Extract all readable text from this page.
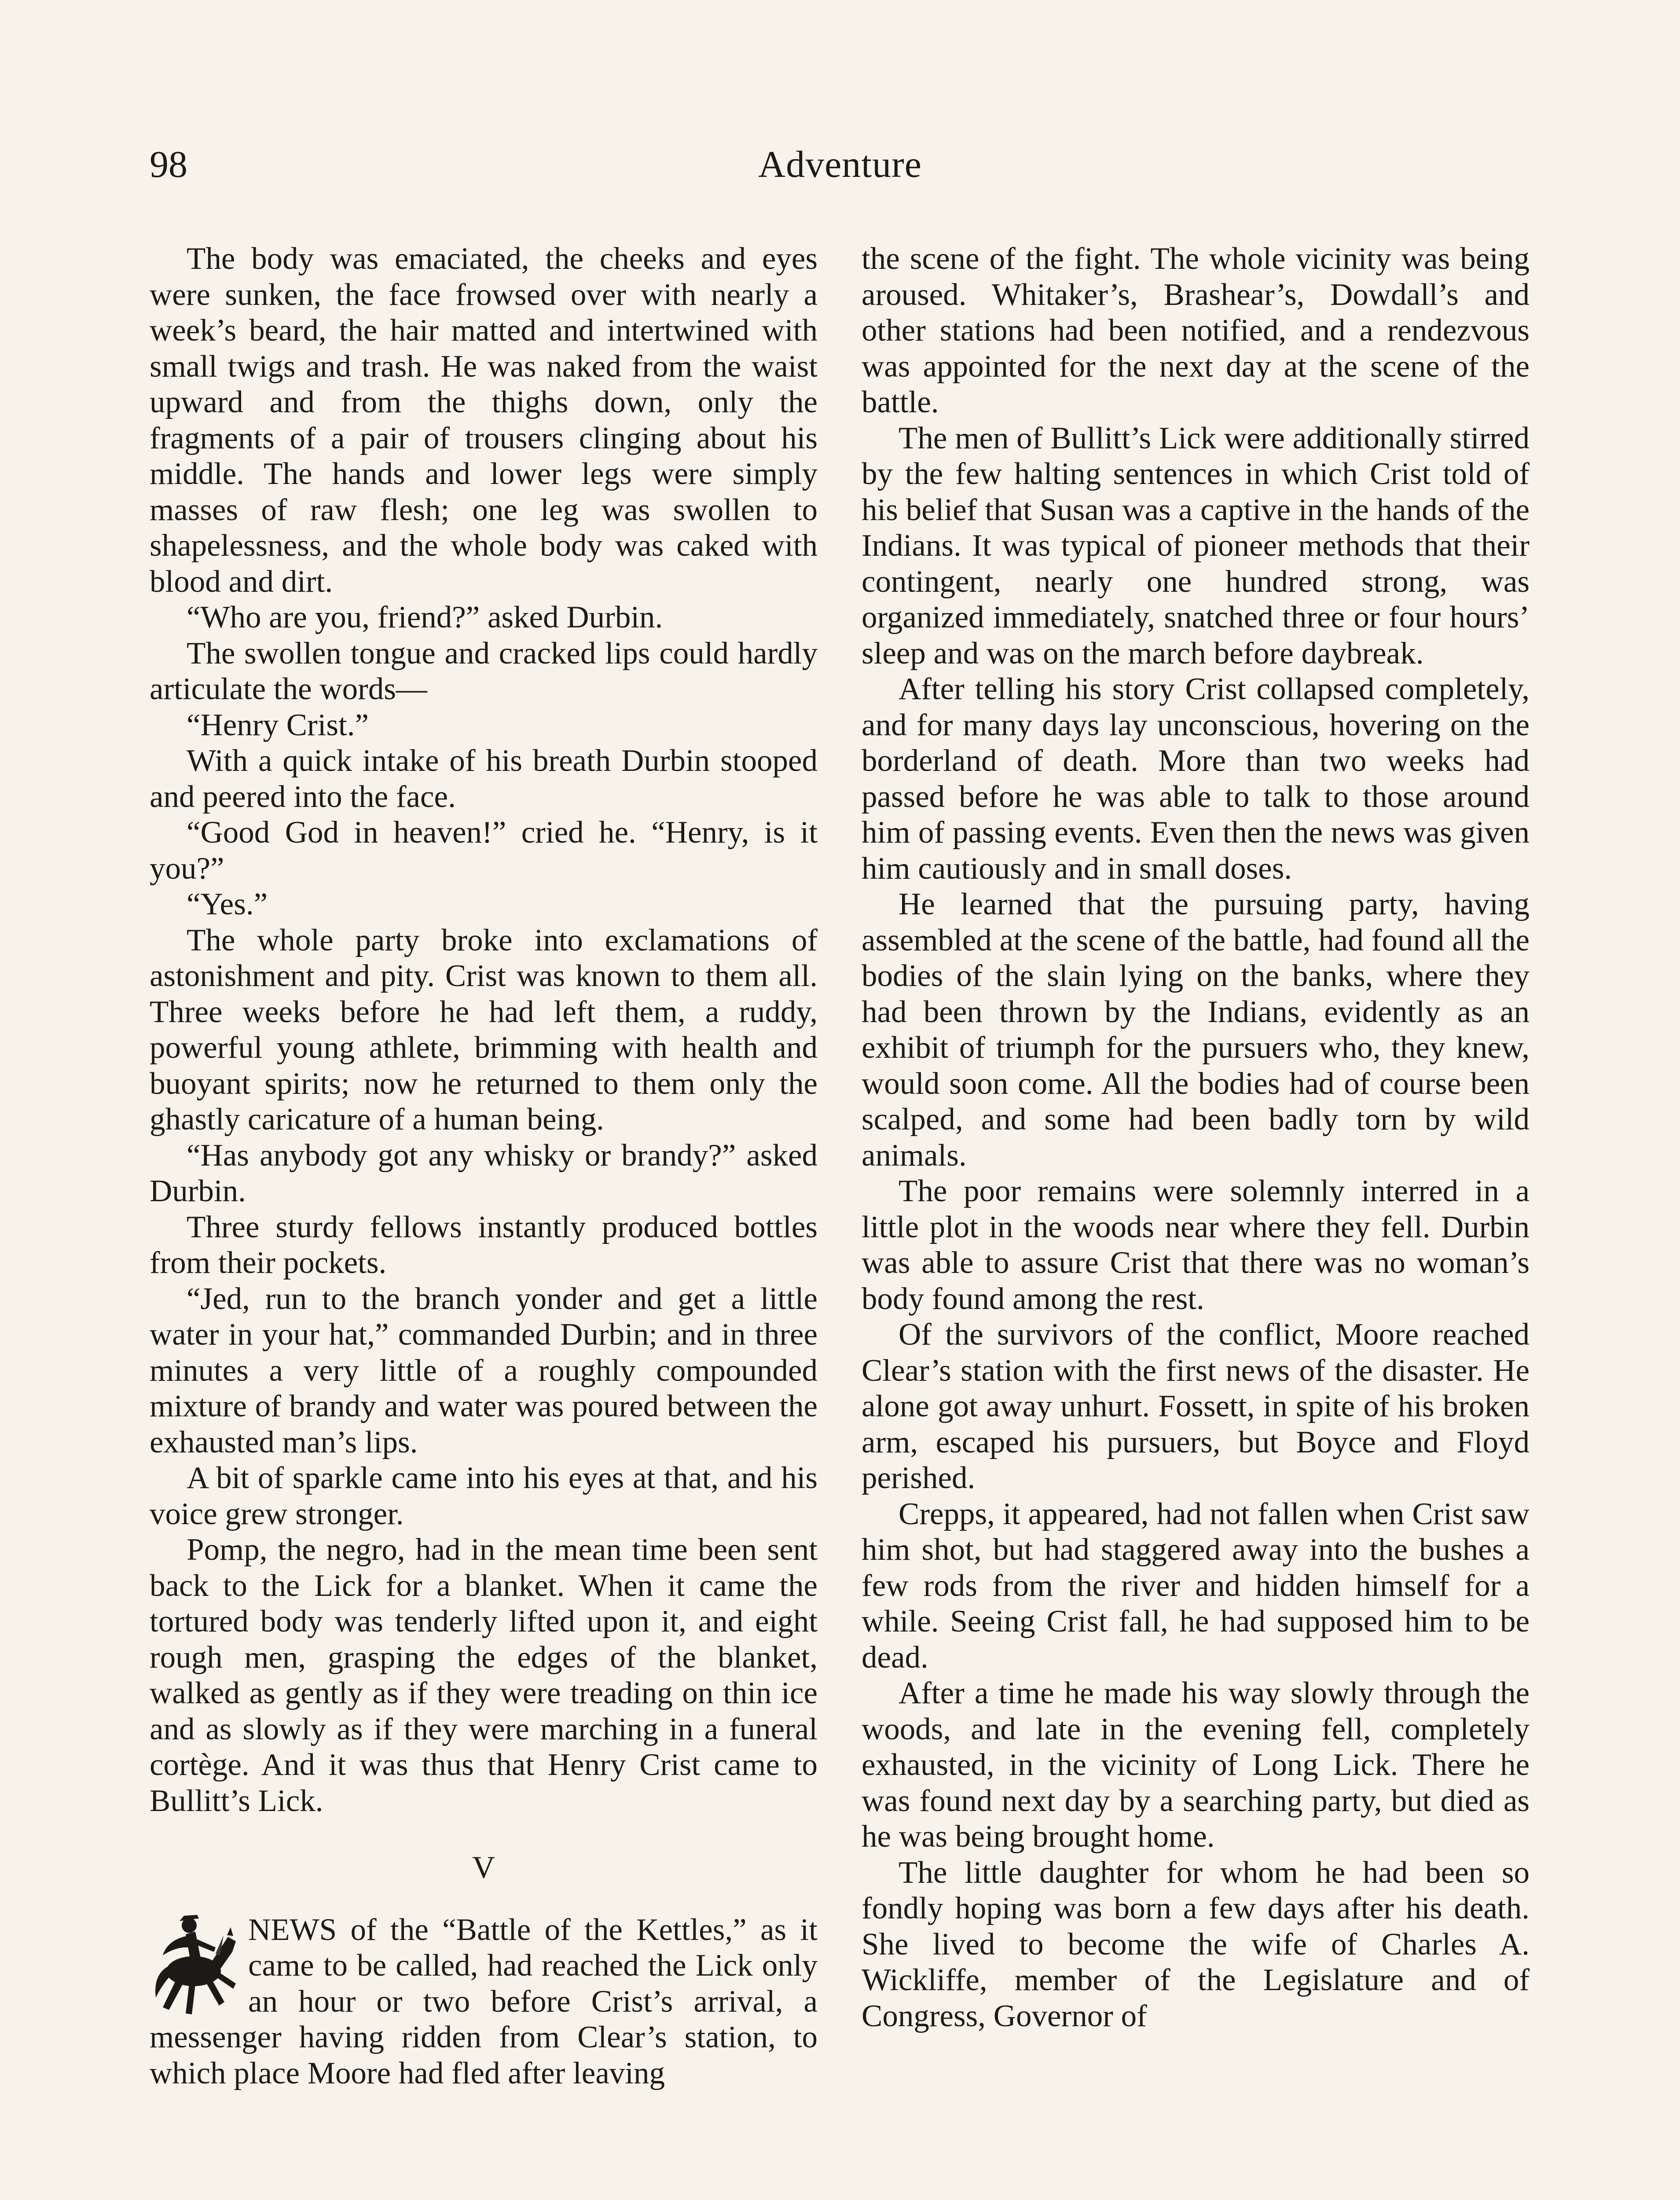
98	Adventure

The body was emaciated, the cheeks and eyes were sunken, the face frowsed over with nearly a week’s beard, the hair matted and intertwined with small twigs and trash. He was naked from the waist upward and from the thighs down, only the fragments of a pair of trousers clinging about his middle. The hands and lower legs were simply masses of raw flesh; one leg was swollen to shapelessness, and the whole body was caked with blood and dirt.

“Who are you, friend?” asked Durbin.

The swollen tongue and cracked lips could hardly articulate the words—

“Henry Crist.”

With a quick intake of his breath Durbin stooped and peered into the face.

“Good God in heaven!” cried he. “Henry, is it you?”

“Yes.”

The whole party broke into exclamations of astonishment and pity. Crist was known to them all. Three weeks before he had left them, a ruddy, powerful young athlete, brimming with health and buoyant spirits; now he returned to them only the ghastly caricature of a human being.

“Has anybody got any whisky or brandy?” asked Durbin.

Three sturdy fellows instantly produced bottles from their pockets.

“Jed, run to the branch yonder and get a little water in your hat,” commanded Durbin; and in three minutes a very little of a roughly compounded mixture of brandy and water was poured between the exhausted man’s lips.

A bit of sparkle came into his eyes at that, and his voice grew stronger.

Pomp, the negro, had in the mean time been sent back to the Lick for a blanket. When it came the tortured body was tenderly lifted upon it, and eight rough men, grasping the edges of the blanket, walked as gently as if they were treading on thin ice and as slowly as if they were marching in a funeral cortège. And it was thus that Henry Crist came to Bullitt’s Lick.

V

NEWS of the “Battle of the Kettles,” as it came to be called, had reached the Lick only an hour or two before Crist’s arrival, a messenger having ridden from Clear’s station, to which place Moore had fled after leaving

the scene of the fight. The whole vicinity was being aroused. Whitaker’s, Brashear’s, Dowdall’s and other stations had been notified, and a rendezvous was appointed for the next day at the scene of the battle.

The men of Bullitt’s Lick were additionally stirred by the few halting sentences in which Crist told of his belief that Susan was a captive in the hands of the Indians. It was typical of pioneer methods that their contingent, nearly one hundred strong, was organized immediately, snatched three or four hours’ sleep and was on the march before daybreak.

After telling his story Crist collapsed completely, and for many days lay unconscious, hovering on the borderland of death. More than two weeks had passed before he was able to talk to those around him of passing events. Even then the news was given him cautiously and in small doses.

He learned that the pursuing party, having assembled at the scene of the battle, had found all the bodies of the slain lying on the banks, where they had been thrown by the Indians, evidently as an exhibit of triumph for the pursuers who, they knew, would soon come. All the bodies had of course been scalped, and some had been badly torn by wild animals.

The poor remains were solemnly interred in a little plot in the woods near where they fell. Durbin was able to assure Crist that there was no woman’s body found among the rest.

Of the survivors of the conflict, Moore reached Clear’s station with the first news of the disaster. He alone got away unhurt. Fossett, in spite of his broken arm, escaped his pursuers, but Boyce and Floyd perished.

Crepps, it appeared, had not fallen when Crist saw him shot, but had staggered away into the bushes a few rods from the river and hidden himself for a while. Seeing Crist fall, he had supposed him to be dead.

After a time he made his way slowly through the woods, and late in the evening fell, completely exhausted, in the vicinity of Long Lick. There he was found next day by a searching party, but died as he was being brought home.

The little daughter for whom he had been so fondly hoping was born a few days after his death. She lived to become the wife of Charles A. Wickliffe, member of the Legislature and of Congress, Governor of
